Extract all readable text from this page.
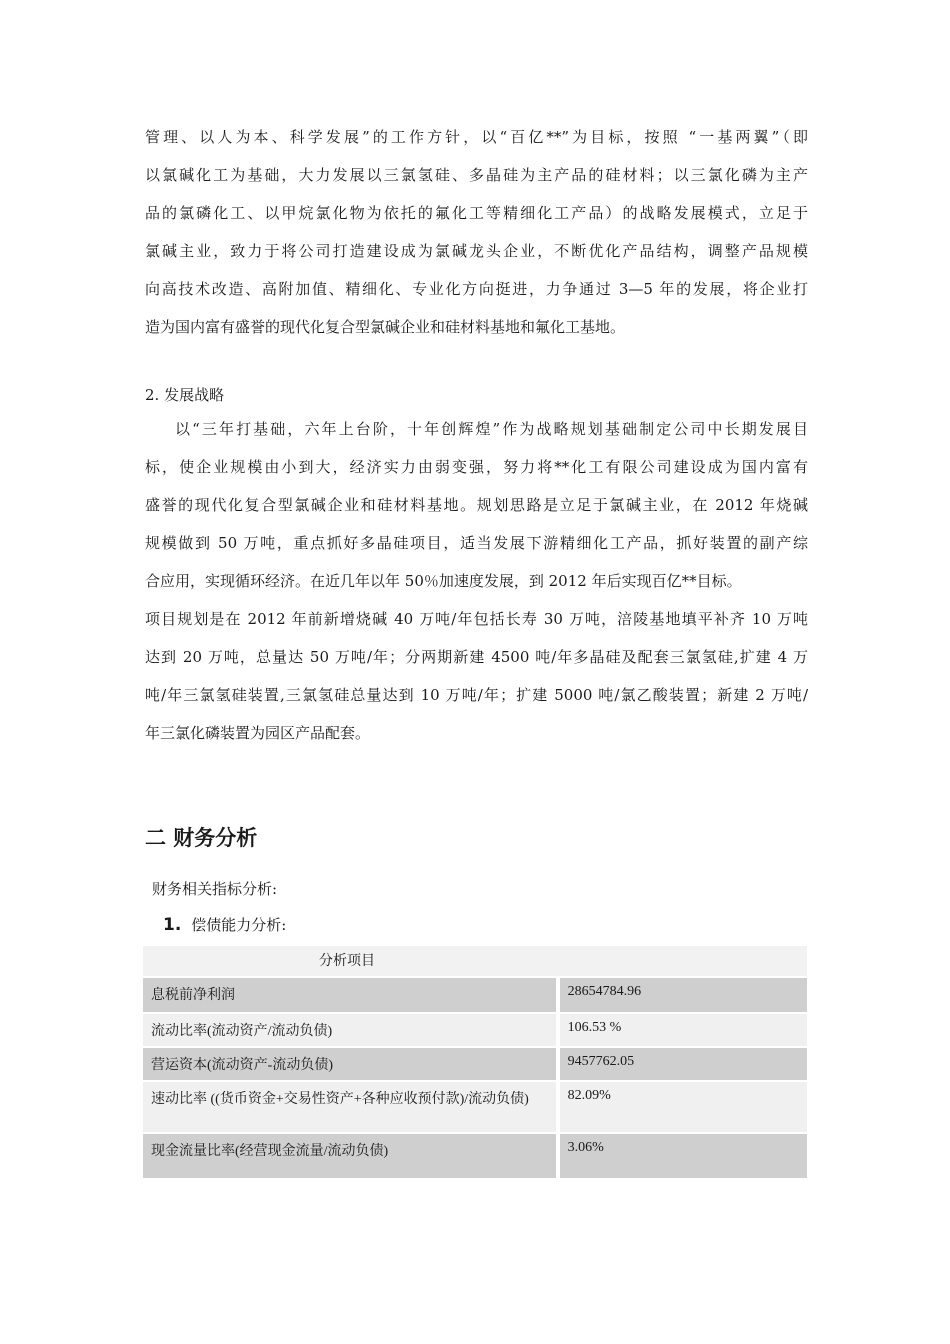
管理、以人为本、科学发展”的工作方针，以“百亿**”为目标，按照 “一基两翼”（即
以氯碱化工为基础，大力发展以三氯氢硅、多晶硅为主产品的硅材料；以三氯化磷为主产
品的氯磷化工、以甲烷氯化物为依托的氟化工等精细化工产品）的战略发展模式，立足于
氯碱主业，致力于将公司打造建设成为氯碱龙头企业，不断优化产品结构，调整产品规模
向高技术改造、高附加值、精细化、专业化方向挺进，力争通过 3—5 年的发展，将企业打
造为国内富有盛誉的现代化复合型氯碱企业和硅材料基地和氟化工基地。
2. 发展战略
以“三年打基础，六年上台阶，十年创辉煌”作为战略规划基础制定公司中长期发展目
标，使企业规模由小到大，经济实力由弱变强，努力将**化工有限公司建设成为国内富有
盛誉的现代化复合型氯碱企业和硅材料基地。规划思路是立足于氯碱主业，在 2012 年烧碱
规模做到 50 万吨，重点抓好多晶硅项目，适当发展下游精细化工产品，抓好装置的副产综
合应用，实现循环经济。在近几年以年 50％加速度发展，到 2012 年后实现百亿**目标。
项目规划是在 2012 年前新增烧碱 40 万吨/年包括长寿 30 万吨，涪陵基地填平补齐 10 万吨
达到 20 万吨，总量达 50 万吨/年；分两期新建 4500 吨/年多晶硅及配套三氯氢硅,扩建 4 万
吨/年三氯氢硅装置,三氯氢硅总量达到 10 万吨/年；扩建 5000 吨/氯乙酸装置；新建 2 万吨/
年三氯化磷装置为园区产品配套。
二 财务分析
财务相关指标分析:
1. 偿债能力分析:
分析项目	
息税前净利润	28654784.96
流动比率(流动资产/流动负债)	106.53 %
营运资本(流动资产-流动负债)	9457762.05
速动比率 ((货币资金+交易性资产+各种应收预付款)/流动负债)	82.09%
现金流量比率(经营现金流量/流动负债)	3.06%
